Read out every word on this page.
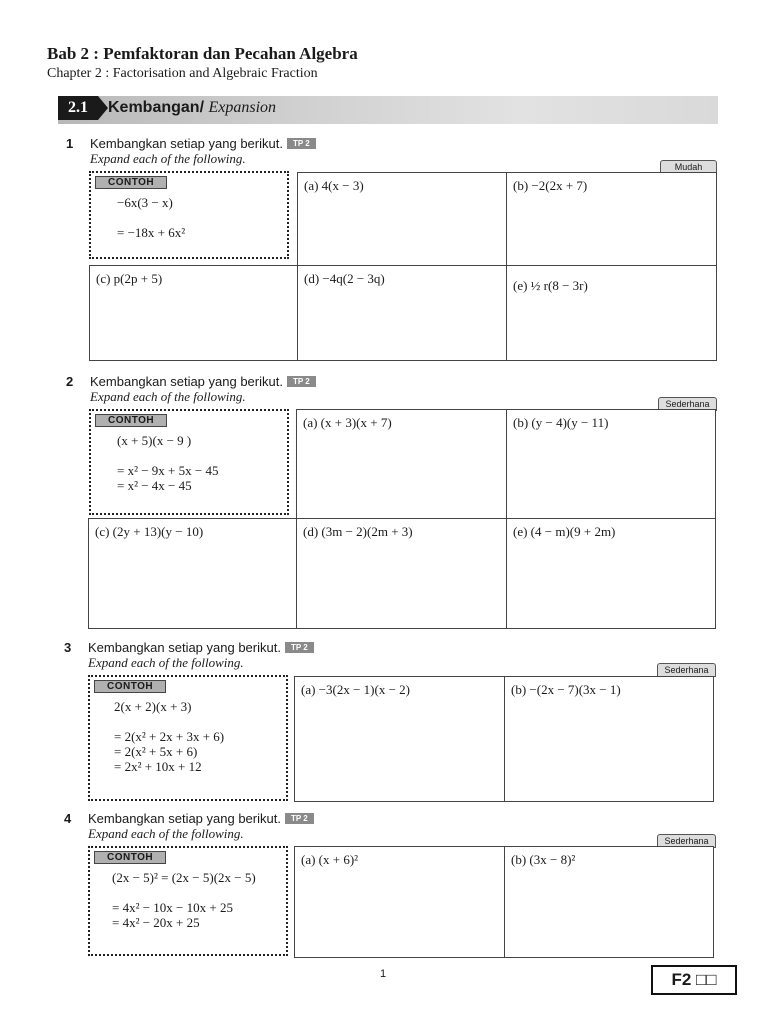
Bab 2 : Pemfaktoran dan Pecahan Algebra
Chapter 2 : Factorisation and Algebraic Fraction
2.1	Kembangan/ Expansion
1 Kembangkan setiap yang berikut. TP 2
Expand each of the following.
Mudah
CONTOH
−6x(3 − x)
= −18x + 6x²
(a) 4(x − 3)	(b) −2(2x + 7)
(c) p(2p + 5)	(d) −4q(2 − 3q)	(e) ½ r(8 − 3r)
2 Kembangkan setiap yang berikut. TP 2
Expand each of the following.	Sederhana
CONTOH
(x + 5)(x − 9 )
= x² − 9x + 5x − 45
= x² − 4x − 45
(a) (x + 3)(x + 7)	(b) (y − 4)(y − 11)
(c) (2y + 13)(y − 10)	(d) (3m − 2)(2m + 3)	(e) (4 − m)(9 + 2m)
3 Kembangkan setiap yang berikut. TP 2
Expand each of the following.	Sederhana
CONTOH
2(x + 2)(x + 3)
= 2(x² + 2x + 3x + 6)
= 2(x² + 5x + 6)
= 2x² + 10x + 12
(a) −3(2x − 1)(x − 2)	(b) −(2x − 7)(3x − 1)
4 Kembangkan setiap yang berikut. TP 2
Expand each of the following.	Sederhana
CONTOH
(2x − 5)² = (2x − 5)(2x − 5)
= 4x² − 10x − 10x + 25
= 4x² − 20x + 25
(a) (x + 6)²	(b) (3x − 8)²
1	F2 □□
